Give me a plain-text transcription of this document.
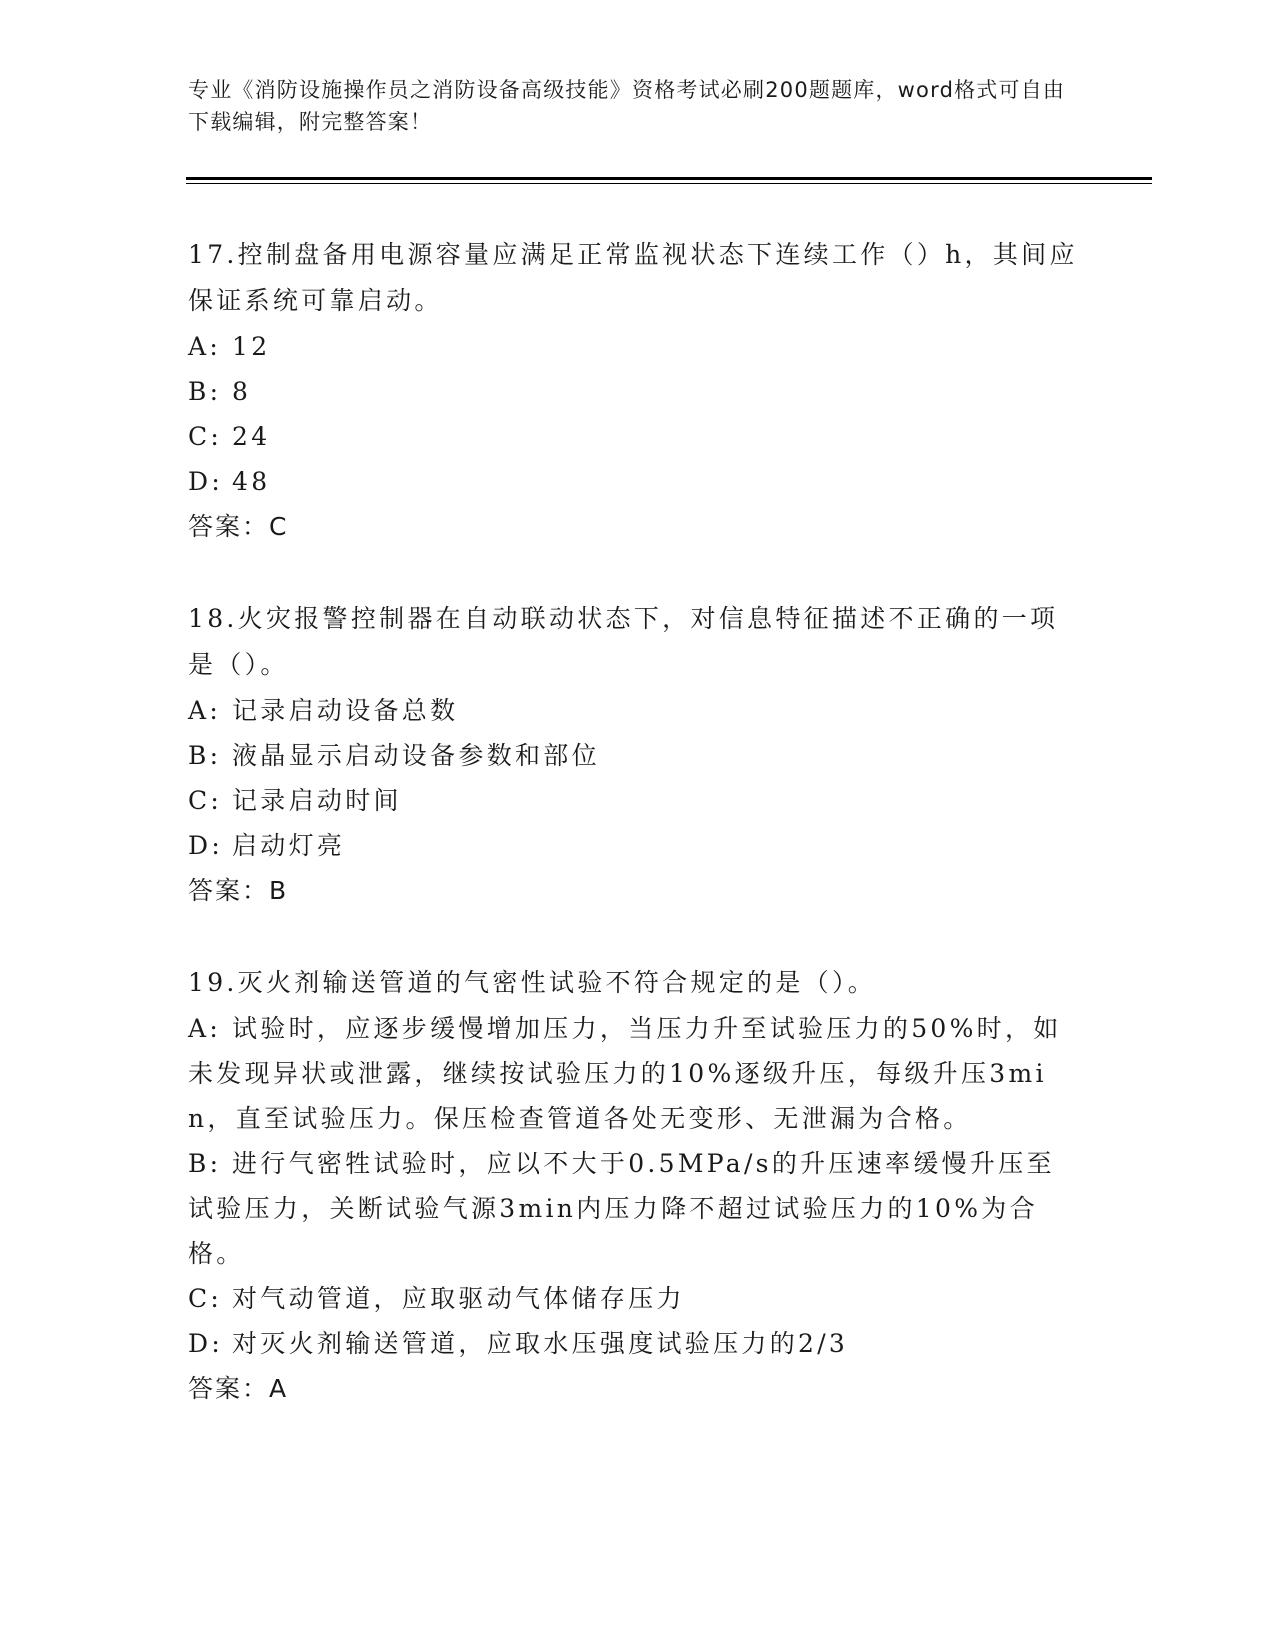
专业《消防设施操作员之消防设备高级技能》资格考试必刷200题题库，word格式可自由下载编辑，附完整答案！
17.控制盘备用电源容量应满足正常监视状态下连续工作（）h，其间应保证系统可靠启动。
A: 12
B: 8
C: 24
D: 48
答案：C
18.火灾报警控制器在自动联动状态下，对信息特征描述不正确的一项是（）。
A: 记录启动设备总数
B: 液晶显示启动设备参数和部位
C: 记录启动时间
D: 启动灯亮
答案：B
19.灭火剂输送管道的气密性试验不符合规定的是（）。
A: 试验时，应逐步缓慢增加压力，当压力升至试验压力的50%时，如未发现异状或泄露，继续按试验压力的10%逐级升压，每级升压3min，直至试验压力。保压检查管道各处无变形、无泄漏为合格。
B: 进行气密牲试验时，应以不大于0.5MPa/s的升压速率缓慢升压至试验压力，关断试验气源3min内压力降不超过试验压力的10%为合格。
C: 对气动管道，应取驱动气体储存压力
D: 对灭火剂输送管道，应取水压强度试验压力的2/3
答案：A
